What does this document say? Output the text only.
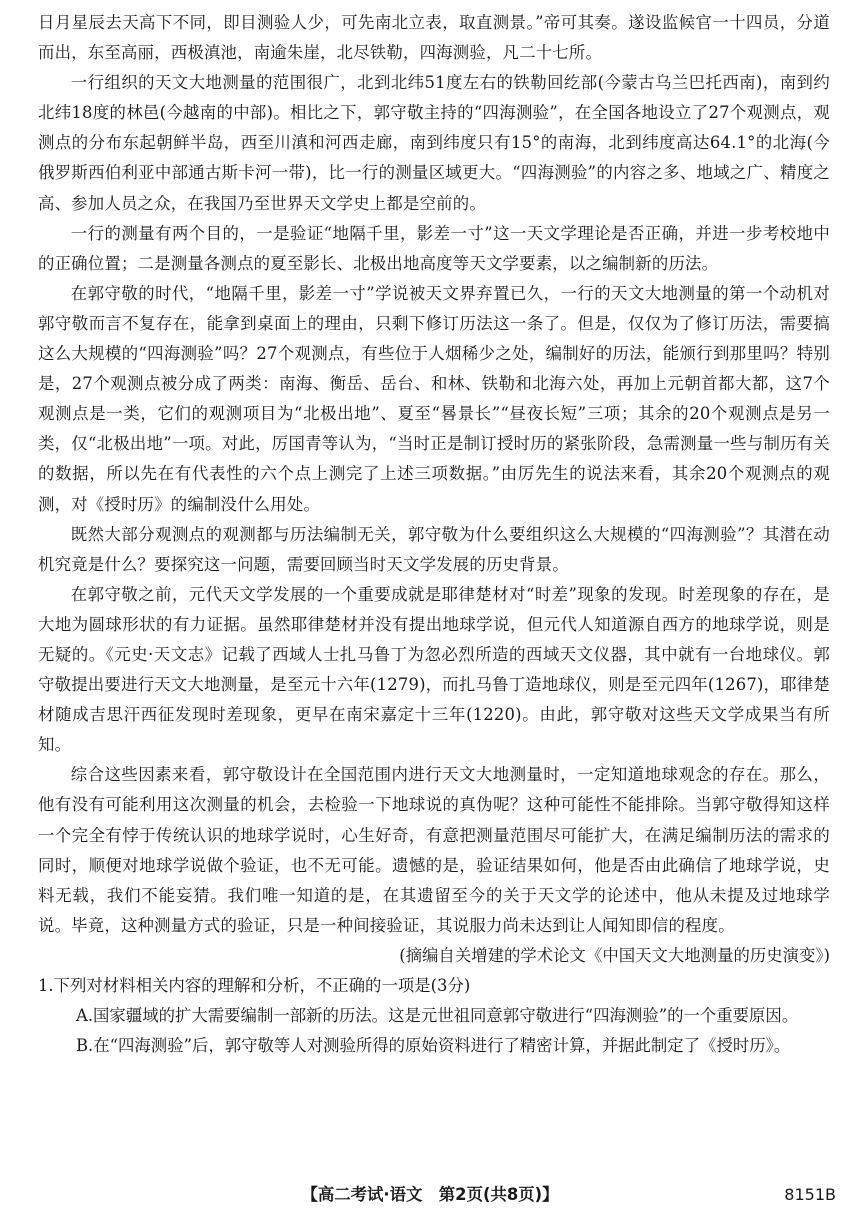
日月星辰去天高下不同，即目测验人少，可先南北立表，取直测景。”帝可其奏。遂设监候官一十四员，分道而出，东至高丽，西极滇池，南逾朱崖，北尽铁勒，四海测验，凡二十七所。

一行组织的天文大地测量的范围很广，北到北纬51度左右的铁勒回纥部(今蒙古乌兰巴托西南)，南到约北纬18度的林邑(今越南的中部)。相比之下，郭守敬主持的“四海测验”，在全国各地设立了27个观测点，观测点的分布东起朝鲜半岛，西至川滇和河西走廊，南到纬度只有15°的南海，北到纬度高达64.1°的北海(今俄罗斯西伯利亚中部通古斯卡河一带)，比一行的测量区域更大。“四海测验”的内容之多、地域之广、精度之高、参加人员之众，在我国乃至世界天文学史上都是空前的。

一行的测量有两个目的，一是验证“地隔千里，影差一寸”这一天文学理论是否正确，并进一步考校地中的正确位置；二是测量各测点的夏至影长、北极出地高度等天文学要素，以之编制新的历法。

在郭守敬的时代，“地隔千里，影差一寸”学说被天文界弃置已久，一行的天文大地测量的第一个动机对郭守敬而言不复存在，能拿到桌面上的理由，只剩下修订历法这一条了。但是，仅仅为了修订历法，需要搞这么大规模的“四海测验”吗？27个观测点，有些位于人烟稀少之处，编制好的历法，能颁行到那里吗？特别是，27个观测点被分成了两类：南海、衡岳、岳台、和林、铁勒和北海六处，再加上元朝首都大都，这7个观测点是一类，它们的观测项目为“北极出地”、夏至“晷景长”“昼夜长短”三项；其余的20个观测点是另一类，仅“北极出地”一项。对此，厉国青等认为，“当时正是制订授时历的紧张阶段，急需测量一些与制历有关的数据，所以先在有代表性的六个点上测完了上述三项数据。”由厉先生的说法来看，其余20个观测点的观测，对《授时历》的编制没什么用处。

既然大部分观测点的观测都与历法编制无关，郭守敬为什么要组织这么大规模的“四海测验”？其潜在动机究竟是什么？要探究这一问题，需要回顾当时天文学发展的历史背景。

在郭守敬之前，元代天文学发展的一个重要成就是耶律楚材对“时差”现象的发现。时差现象的存在，是大地为圆球形状的有力证据。虽然耶律楚材并没有提出地球学说，但元代人知道源自西方的地球学说，则是无疑的。《元史·天文志》记载了西域人士扎马鲁丁为忽必烈所造的西域天文仪器，其中就有一台地球仪。郭守敬提出要进行天文大地测量，是至元十六年(1279)，而扎马鲁丁造地球仪，则是至元四年(1267)，耶律楚材随成吉思汗西征发现时差现象，更早在南宋嘉定十三年(1220)。由此，郭守敬对这些天文学成果当有所知。

综合这些因素来看，郭守敬设计在全国范围内进行天文大地测量时，一定知道地球观念的存在。那么，他有没有可能利用这次测量的机会，去检验一下地球说的真伪呢？这种可能性不能排除。当郭守敬得知这样一个完全有悖于传统认识的地球学说时，心生好奇，有意把测量范围尽可能扩大，在满足编制历法的需求的同时，顺便对地球学说做个验证，也不无可能。遗憾的是，验证结果如何，他是否由此确信了地球学说，史料无载，我们不能妄猜。我们唯一知道的是，在其遗留至今的关于天文学的论述中，他从未提及过地球学说。毕竟，这种测量方式的验证，只是一种间接验证，其说服力尚未达到让人闻知即信的程度。

(摘编自关增建的学术论文《中国天文大地测量的历史演变》)

1.下列对材料相关内容的理解和分析，不正确的一项是(3分)

A.国家疆域的扩大需要编制一部新的历法。这是元世祖同意郭守敬进行“四海测验”的一个重要原因。

B.在“四海测验”后，郭守敬等人对测验所得的原始资料进行了精密计算，并据此制定了《授时历》。

【高二考试·语文　第2页(共8页)】	8151B
